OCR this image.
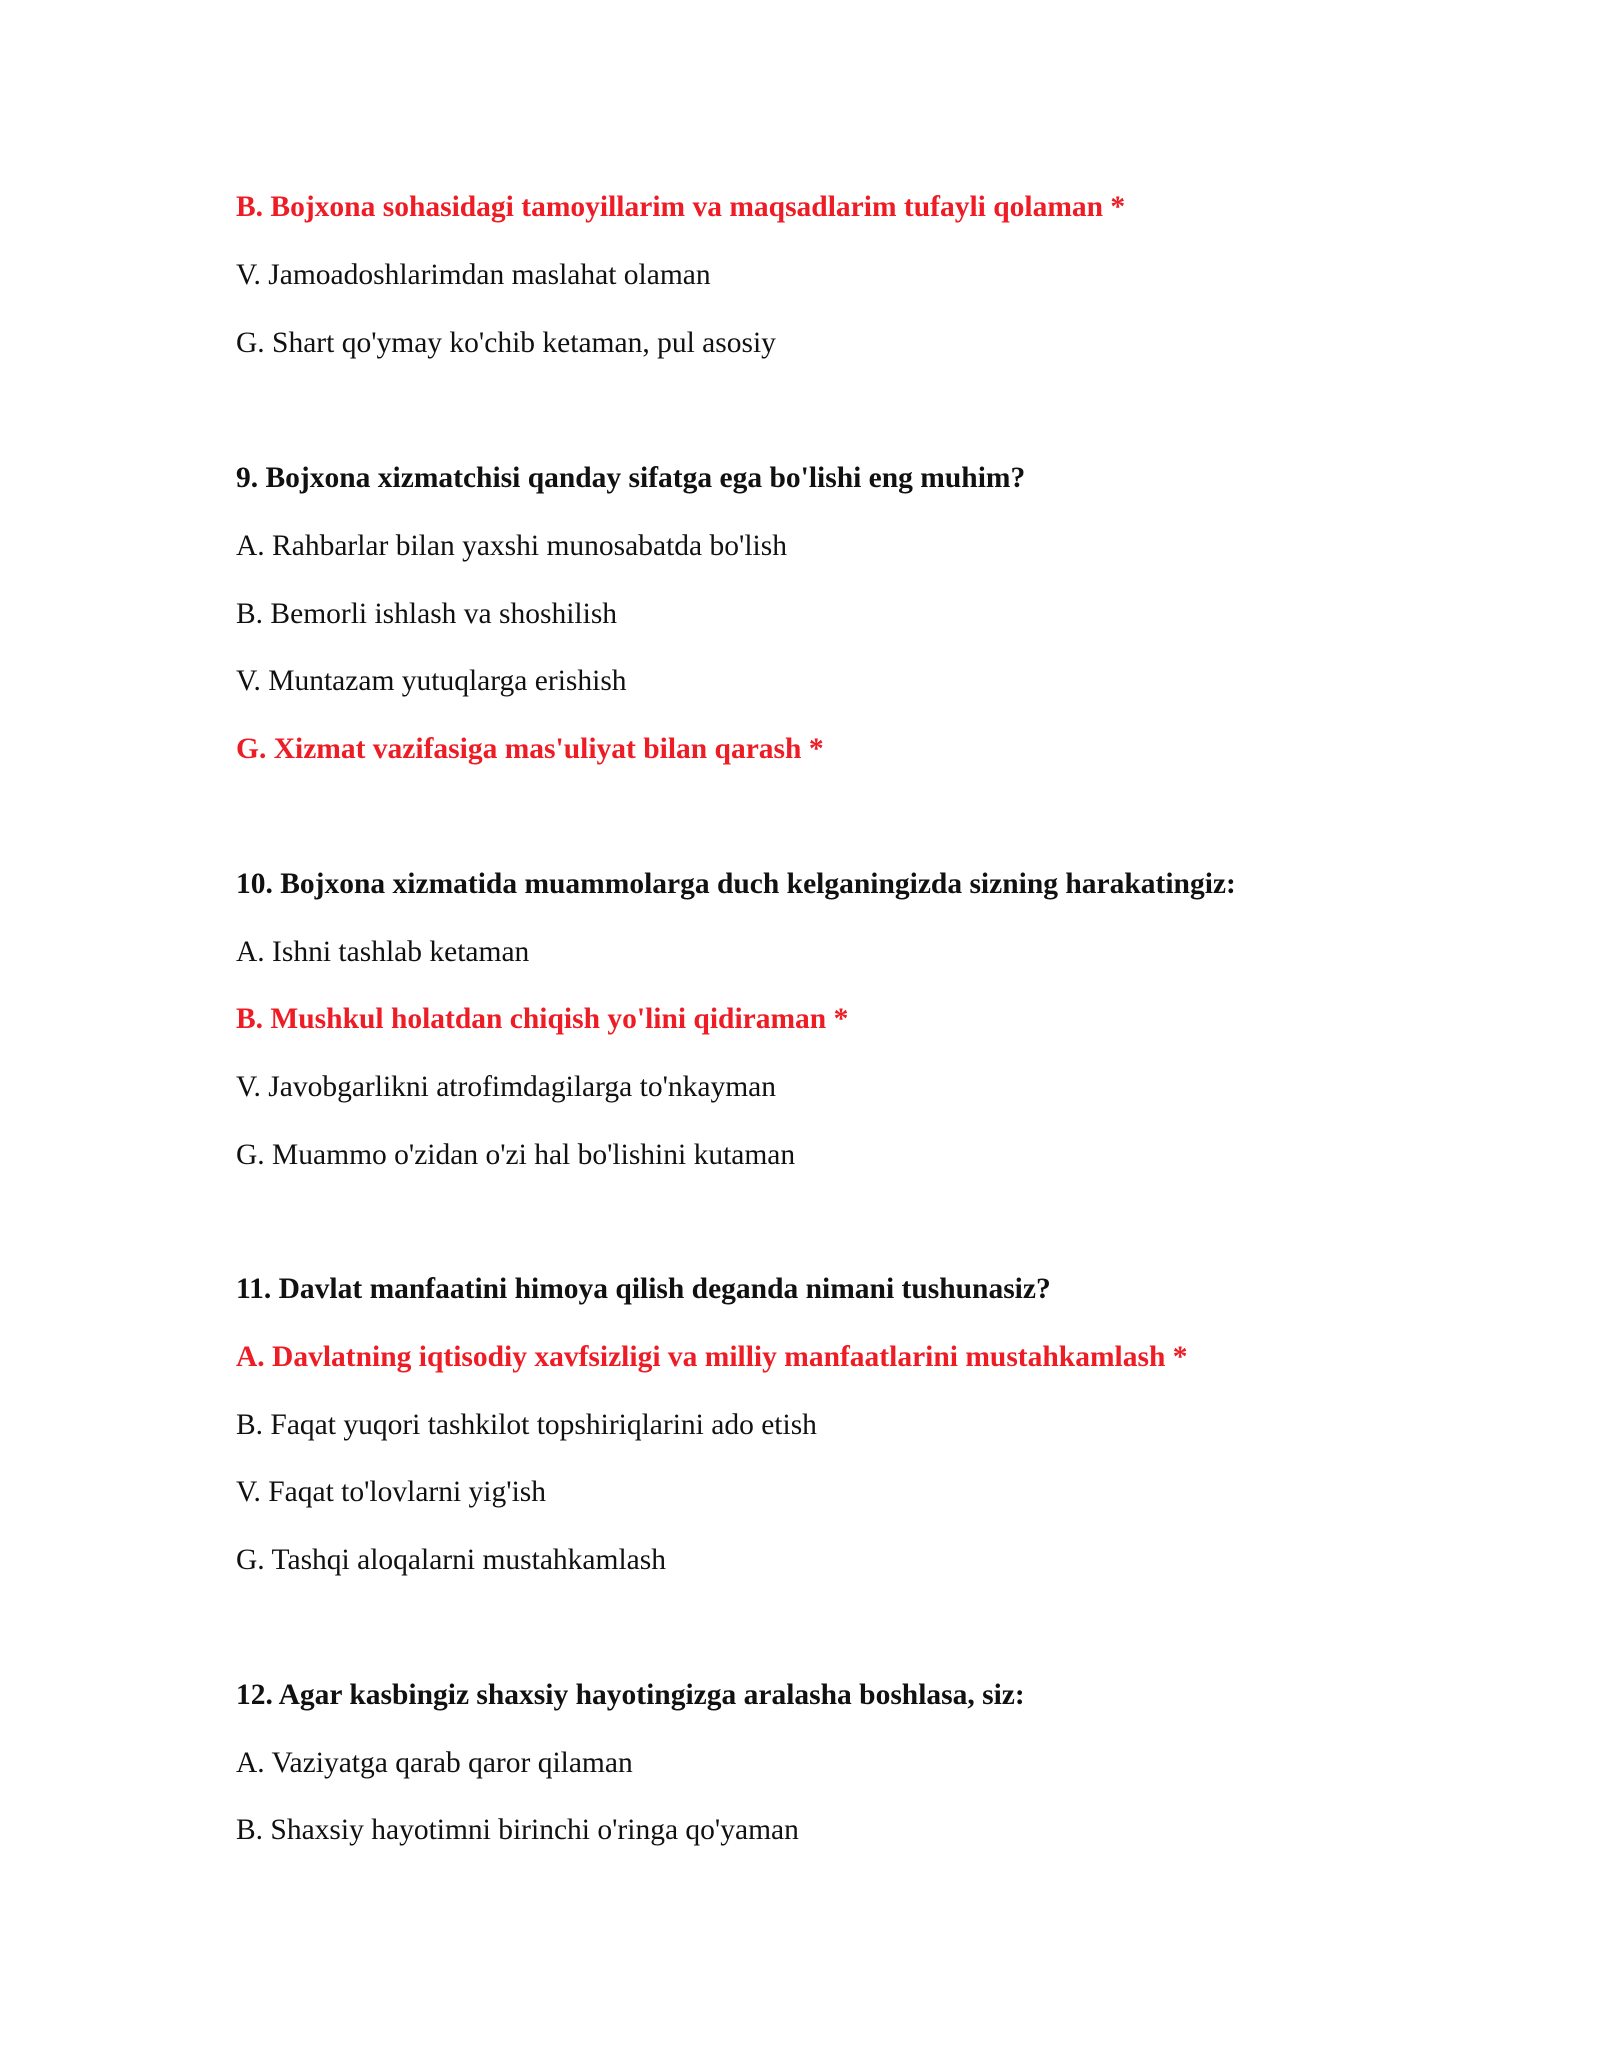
B. Bojxona sohasidagi tamoyillarim va maqsadlarim tufayli qolaman *
V. Jamoadoshlarimdan maslahat olaman
G. Shart qo'ymay ko'chib ketaman, pul asosiy
9. Bojxona xizmatchisi qanday sifatga ega bo'lishi eng muhim?
A. Rahbarlar bilan yaxshi munosabatda bo'lish
B. Bemorli ishlash va shoshilish
V. Muntazam yutuqlarga erishish
G. Xizmat vazifasiga mas'uliyat bilan qarash *
10. Bojxona xizmatida muammolarga duch kelganingizda sizning harakatingiz:
A. Ishni tashlab ketaman
B. Mushkul holatdan chiqish yo'lini qidiraman *
V. Javobgarlikni atrofimdagilarga to'nkayman
G. Muammo o'zidan o'zi hal bo'lishini kutaman
11. Davlat manfaatini himoya qilish deganda nimani tushunasiz?
A. Davlatning iqtisodiy xavfsizligi va milliy manfaatlarini mustahkamlash *
B. Faqat yuqori tashkilot topshiriqlarini ado etish
V. Faqat to'lovlarni yig'ish
G. Tashqi aloqalarni mustahkamlash
12. Agar kasbingiz shaxsiy hayotingizga aralasha boshlasa, siz:
A. Vaziyatga qarab qaror qilaman
B. Shaxsiy hayotimni birinchi o'ringa qo'yaman
